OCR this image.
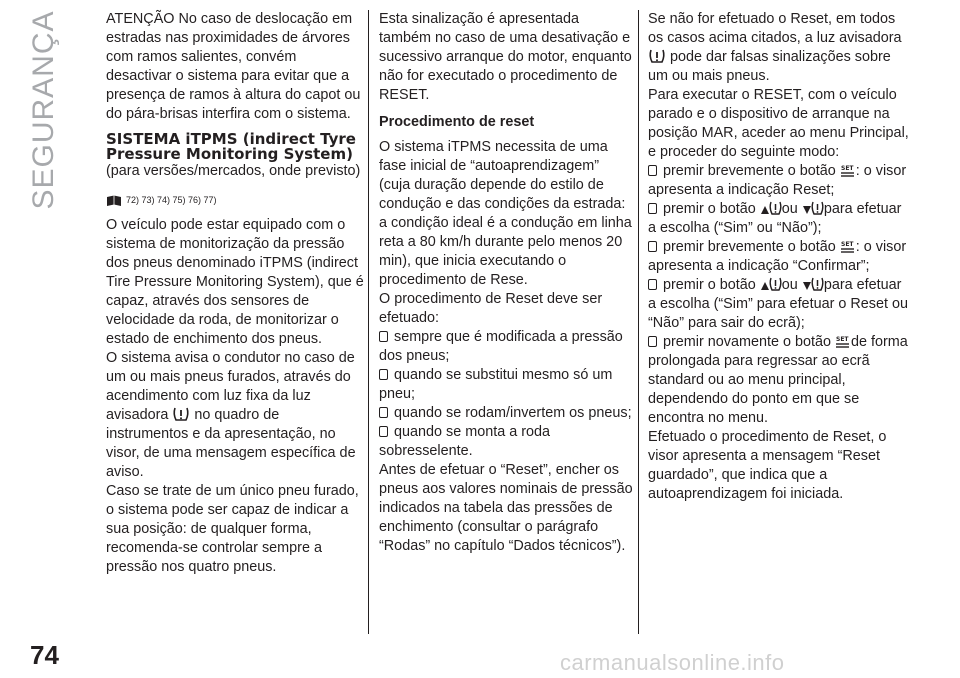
SEGURANÇA
74	carmanualsonline.info

ATENÇÃO No caso de deslocação em estradas nas proximidades de árvores com ramos salientes, convém desactivar o sistema para evitar que a presença de ramos à altura do capot ou do pára-brisas interfira com o sistema.

SISTEMA iTPMS (indirect Tyre Pressure Monitoring System)

(para versões/mercados, onde previsto)

72) 73) 74) 75) 76) 77)

O veículo pode estar equipado com o sistema de monitorização da pressão dos pneus denominado iTPMS (indirect Tire Pressure Monitoring System), que é capaz, através dos sensores de velocidade da roda, de monitorizar o estado de enchimento dos pneus.

O sistema avisa o condutor no caso de um ou mais pneus furados, através do acendimento com luz fixa da luz avisadora no quadro de instrumentos e da apresentação, no visor, de uma mensagem específica de aviso.

Caso se trate de um único pneu furado, o sistema pode ser capaz de indicar a sua posição: de qualquer forma, recomenda-se controlar sempre a pressão nos quatro pneus.

Esta sinalização é apresentada também no caso de uma desativação e sucessivo arranque do motor, enquanto não for executado o procedimento de RESET.

Procedimento de reset

O sistema iTPMS necessita de uma fase inicial de “autoaprendizagem” (cuja duração depende do estilo de condução e das condições da estrada: a condição ideal é a condução em linha reta a 80 km/h durante pelo menos 20 min), que inicia executando o procedimento de Rese.

O procedimento de Reset deve ser efetuado:

sempre que é modificada a pressão dos pneus;

quando se substitui mesmo só um pneu;

quando se rodam/invertem os pneus;

quando se monta a roda sobresselente.

Antes de efetuar o “Reset”, encher os pneus aos valores nominais de pressão indicados na tabela das pressões de enchimento (consultar o parágrafo “Rodas” no capítulo “Dados técnicos”).

Se não for efetuado o Reset, em todos os casos acima citados, a luz avisadora  pode dar falsas sinalizações sobre um ou mais pneus.

Para executar o RESET, com o veículo parado e o dispositivo de arranque na posição MAR, aceder ao menu Principal, e proceder do seguinte modo:

premir brevemente o botão SET : o visor apresenta a indicação Reset;

premir o botão ou para efetuar a escolha (“Sim” ou “Não”);

premir brevemente o botão SET : o visor apresenta a indicação “Confirmar”;

premir o botão ou para efetuar a escolha (“Sim” para efetuar o Reset ou “Não” para sair do ecrã);

premir novamente o botão SET de forma prolongada para regressar ao ecrã standard ou ao menu principal, dependendo do ponto em que se encontra no menu.

Efetuado o procedimento de Reset, o visor apresenta a mensagem “Reset guardado”, que indica que a autoaprendizagem foi iniciada.
